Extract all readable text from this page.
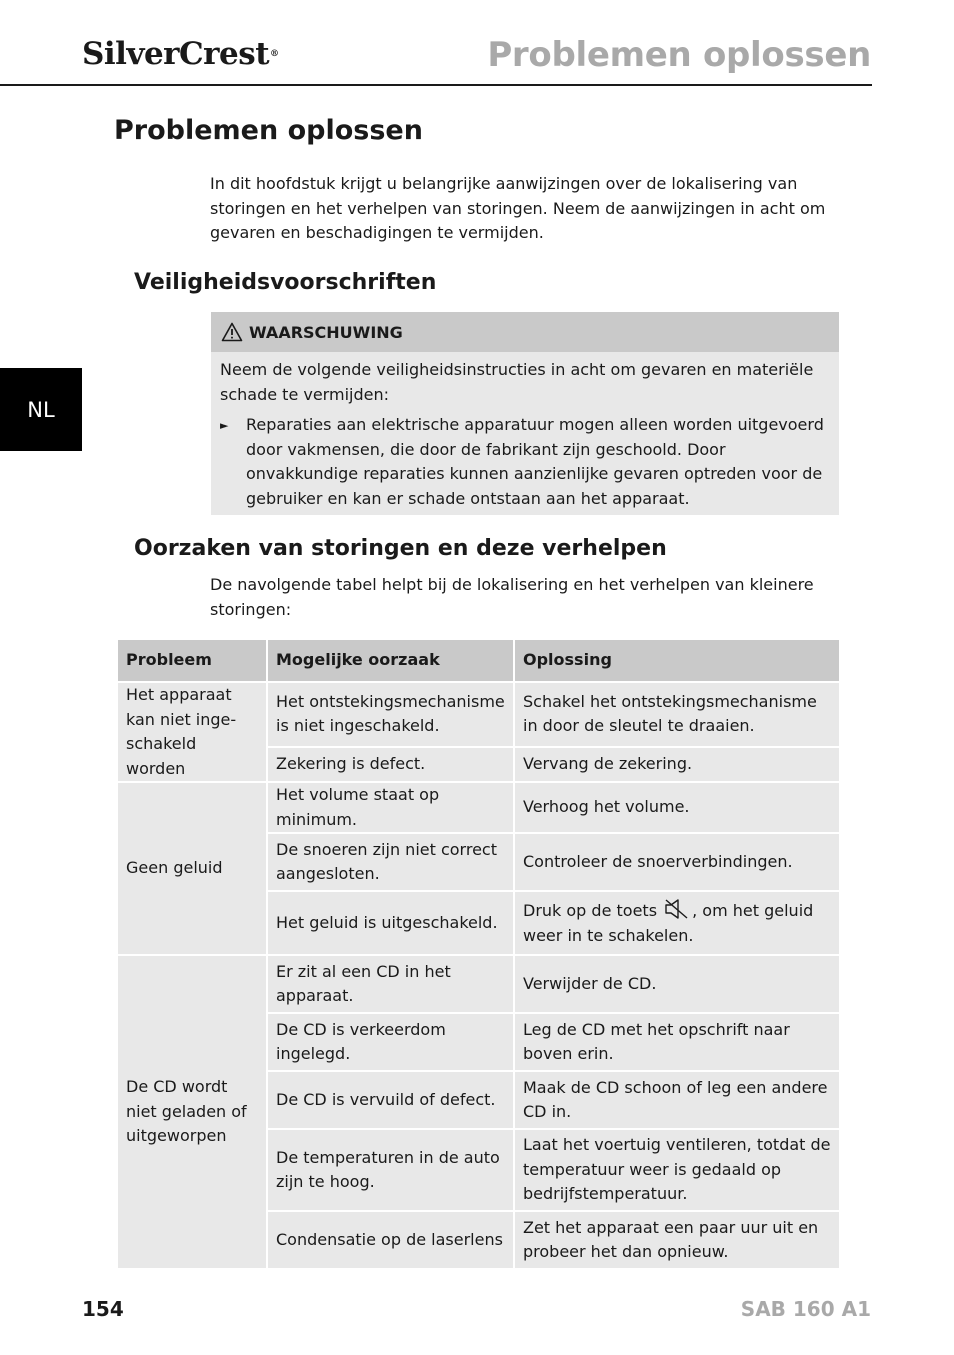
SilverCrest®	Problemen oplossen
NL
Problemen oplossen

In dit hoofdstuk krijgt u belangrijke aanwijzingen over de lokalisering van storingen en het verhelpen van storingen. Neem de aanwijzingen in acht om gevaren en beschadigingen te vermijden.

Veiligheidsvoorschriften
WAARSCHUWING
Neem de volgende veiligheidsinstructies in acht om gevaren en materiële schade te vermijden:
►	Reparaties aan elektrische apparatuur mogen alleen worden uitgevoerd door vakmensen, die door de fabrikant zijn geschoold. Door onvakkundige reparaties kunnen aanzienlijke gevaren optreden voor de gebruiker en kan er schade ontstaan aan het apparaat.
Oorzaken van storingen en deze verhelpen

De navolgende tabel helpt bij de lokalisering en het verhelpen van kleinere storingen:

Probleem	Mogelijke oorzaak	Oplossing
Het apparaat kan niet inge-schakeld worden	Het ontstekingsmechanisme is niet ingeschakeld.	Schakel het ontstekingsmechanisme in door de sleutel te draaien.
	Zekering is defect.	Vervang de zekering.
Geen geluid	Het volume staat op minimum.	Verhoog het volume.
	De snoeren zijn niet correct aangesloten.	Controleer de snoerverbindingen.
	Het geluid is uitgeschakeld.	Druk op de toets , om het geluid weer in te schakelen.
De CD wordt niet geladen of uitgeworpen	Er zit al een CD in het apparaat.	Verwijder de CD.
	De CD is verkeerdom ingelegd.	Leg de CD met het opschrift naar boven erin.
	De CD is vervuild of defect.	Maak de CD schoon of leg een andere CD in.
	De temperaturen in de auto zijn te hoog.	Laat het voertuig ventileren, totdat de temperatuur weer is gedaald op bedrijfstemperatuur.
	Condensatie op de laserlens	Zet het apparaat een paar uur uit en probeer het dan opnieuw.
154	SAB 160 A1
